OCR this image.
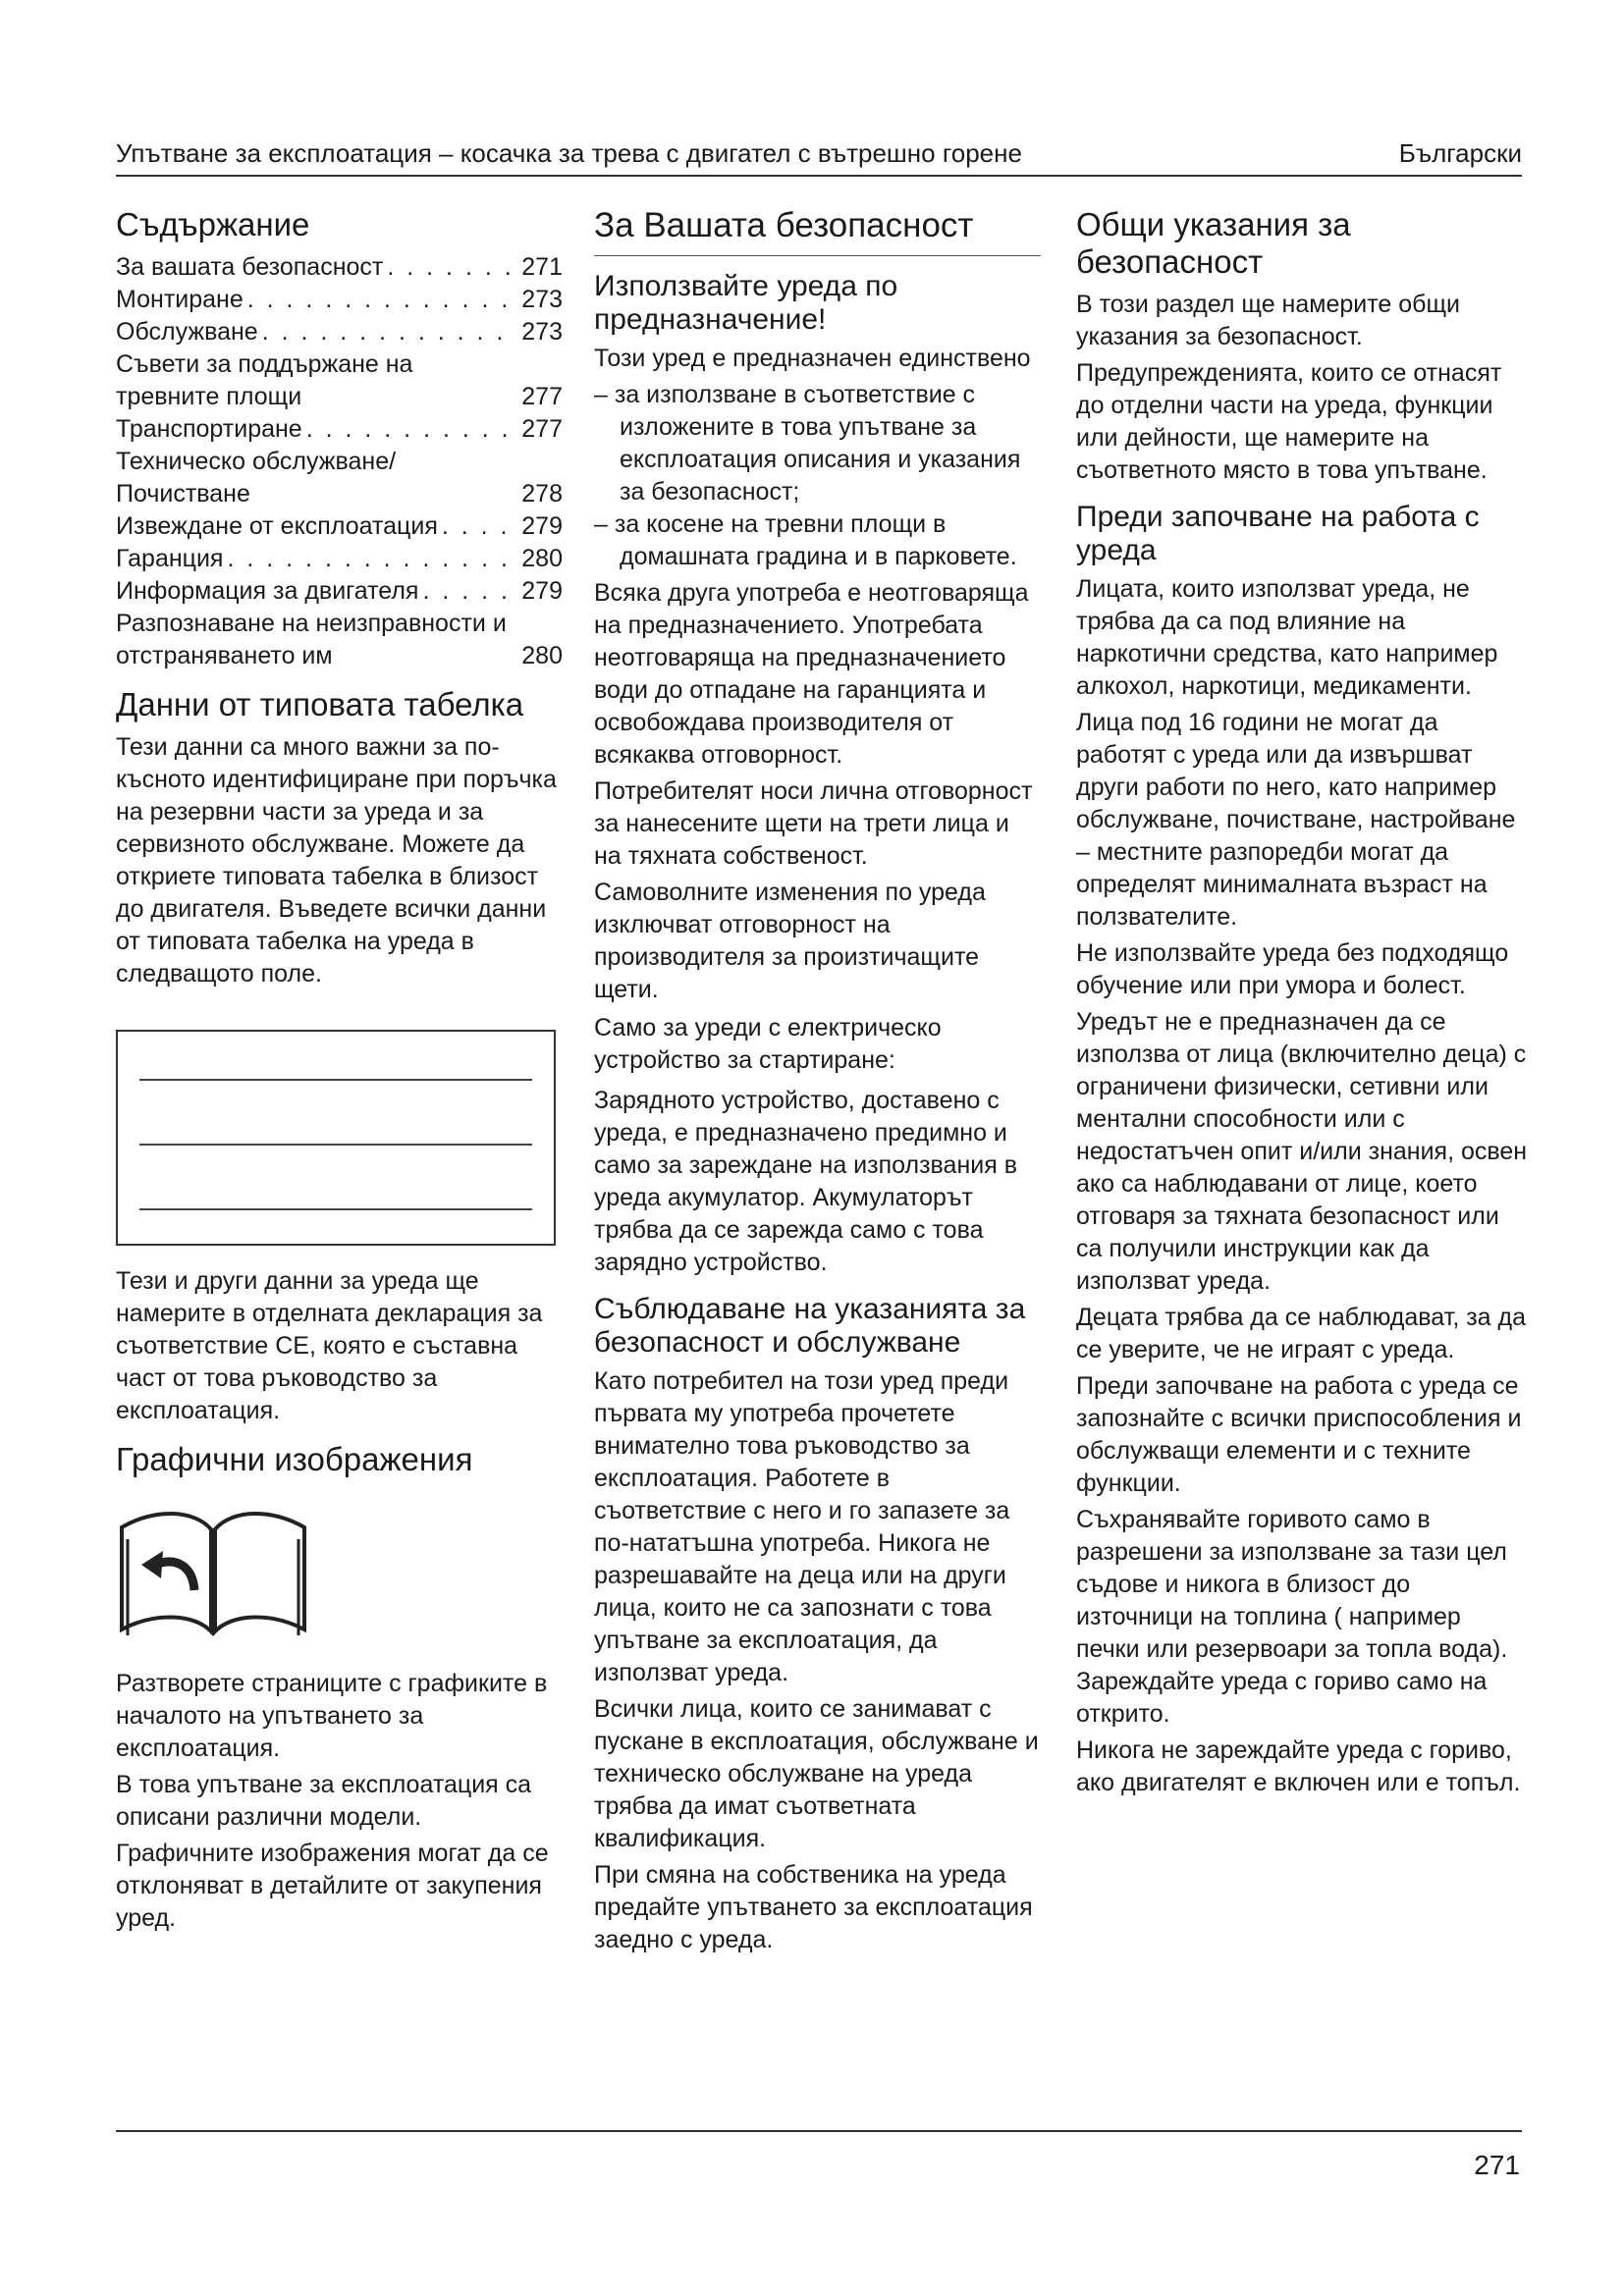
Упътване за експлоатация – косачка за трева с двигател с вътрешно горене	Български
Съдържание
За вашата безопасност . . .	271
Монтиране . . .	273
Обслужване . . .	273
Съвети за поддържане на тревните площи	277
Транспортиране . . .	277
Техническо обслужване/ Почистване	278
Извеждане от експлоатация . . .	279
Гаранция . . .	280
Информация за двигателя . . .	279
Разпознаване на неизправности и отстраняването им	280
Данни от типовата табелка

Тези данни са много важни за по-късното идентифициране при поръчка на резервни части за уреда и за сервизното обслужване. Можете да откриете типовата табелка в близост до двигателя. Въведете всички данни от типовата табелка на уреда в следващото поле.

Тези и други данни за уреда ще намерите в отделната декларация за съответствие CE, която е съставна част от това ръководство за експлоатация.

Графични изображения

Разтворете страниците с графиките в началото на упътването за експлоатация.

В това упътване за експлоатация са описани различни модели.

Графичните изображения могат да се отклоняват в детайлите от закупения уред.

За Вашата безопасност
Използвайте уреда по предназначение!

Този уред е предназначен единствено

– за използване в съответствие с изложените в това упътване за експлоатация описания и указания за безопасност;
– за косене на тревни площи в домашната градина и в парковете.

Всяка друга употреба е неотговаряща на предназначението. Употребата неотговаряща на предназначението води до отпадане на гаранцията и освобождава производителя от всякаква отговорност.

Потребителят носи лична отговорност за нанесените щети на трети лица и на тяхната собственост.

Самоволните изменения по уреда изключват отговорност на производителя за произтичащите щети.

Само за уреди с електрическо устройство за стартиране:

Зарядното устройство, доставено с уреда, е предназначено предимно и само за зареждане на използвания в уреда акумулатор. Акумулаторът трябва да се зарежда само с това зарядно устройство.

Съблюдаване на указанията за безопасност и обслужване

Като потребител на този уред преди първата му употреба прочетете внимателно това ръководство за експлоатация. Работете в съответствие с него и го запазете за по-нататъшна употреба. Никога не разрешавайте на деца или на други лица, които не са запознати с това упътване за експлоатация, да използват уреда.

Всички лица, които се занимават с пускане в експлоатация, обслужване и техническо обслужване на уреда трябва да имат съответната квалификация.

При смяна на собственика на уреда предайте упътването за експлоатация заедно с уреда.

Общи указания за безопасност

В този раздел ще намерите общи указания за безопасност.

Предупрежденията, които се отнасят до отделни части на уреда, функции или дейности, ще намерите на съответното място в това упътване.

Преди започване на работа с уреда

Лицата, които използват уреда, не трябва да са под влияние на наркотични средства, като например алкохол, наркотици, медикаменти.

Лица под 16 години не могат да работят с уреда или да извършват други работи по него, като например обслужване, почистване, настройване – местните разпоредби могат да определят минималната възраст на ползвателите.

Не използвайте уреда без подходящо обучение или при умора и болест.

Уредът не е предназначен да се използва от лица (включително деца) с ограничени физически, сетивни или ментални способности или с недостатъчен опит и/или знания, освен ако са наблюдавани от лице, което отговаря за тяхната безопасност или са получили инструкции как да използват уреда.

Децата трябва да се наблюдават, за да се уверите, че не играят с уреда.

Преди започване на работа с уреда се запознайте с всички приспособления и обслужващи елементи и с техните функции.

Съхранявайте горивото само в разрешени за използване за тази цел съдове и никога в близост до източници на топлина ( например печки или резервоари за топла вода). Зареждайте уреда с гориво само на открито.

Никога не зареждайте уреда с гориво, ако двигателят е включен или е топъл.

271
